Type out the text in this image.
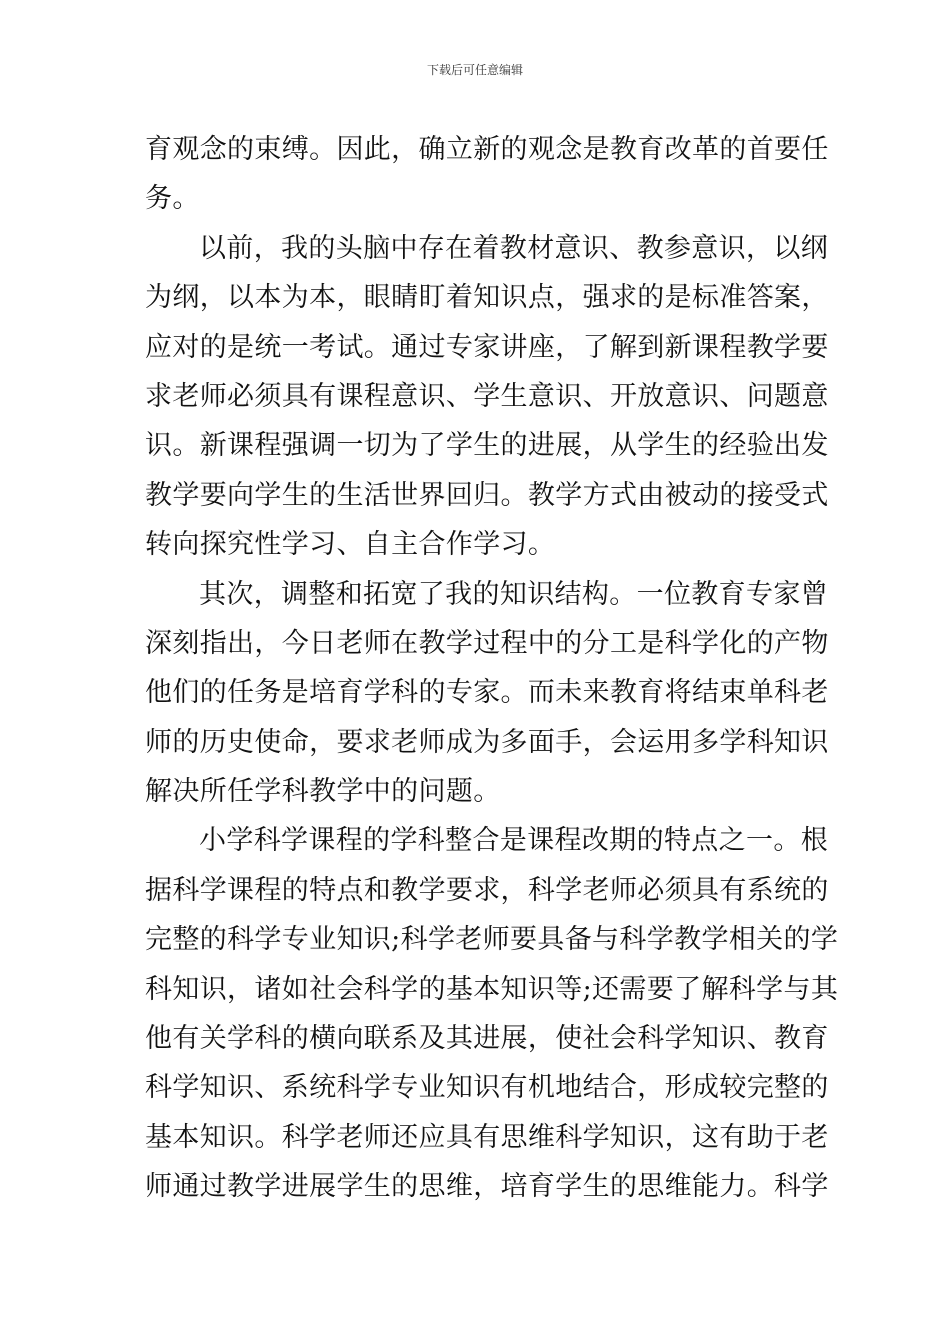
下载后可任意编辑
育观念的束缚。因此，确立新的观念是教育改革的首要任
务。
以前，我的头脑中存在着教材意识、教参意识，以纲
为纲，以本为本，眼睛盯着知识点，强求的是标准答案，
应对的是统一考试。通过专家讲座，了解到新课程教学要
求老师必须具有课程意识、学生意识、开放意识、问题意
识。新课程强调一切为了学生的进展，从学生的经验出发
教学要向学生的生活世界回归。教学方式由被动的接受式
转向探究性学习、自主合作学习。
其次，调整和拓宽了我的知识结构。一位教育专家曾
深刻指出，今日老师在教学过程中的分工是科学化的产物
他们的任务是培育学科的专家。而未来教育将结束单科老
师的历史使命，要求老师成为多面手，会运用多学科知识
解决所任学科教学中的问题。
小学科学课程的学科整合是课程改期的特点之一。根
据科学课程的特点和教学要求，科学老师必须具有系统的
完整的科学专业知识;科学老师要具备与科学教学相关的学
科知识，诸如社会科学的基本知识等;还需要了解科学与其
他有关学科的横向联系及其进展，使社会科学知识、教育
科学知识、系统科学专业知识有机地结合，形成较完整的
基本知识。科学老师还应具有思维科学知识，这有助于老
师通过教学进展学生的思维，培育学生的思维能力。科学
